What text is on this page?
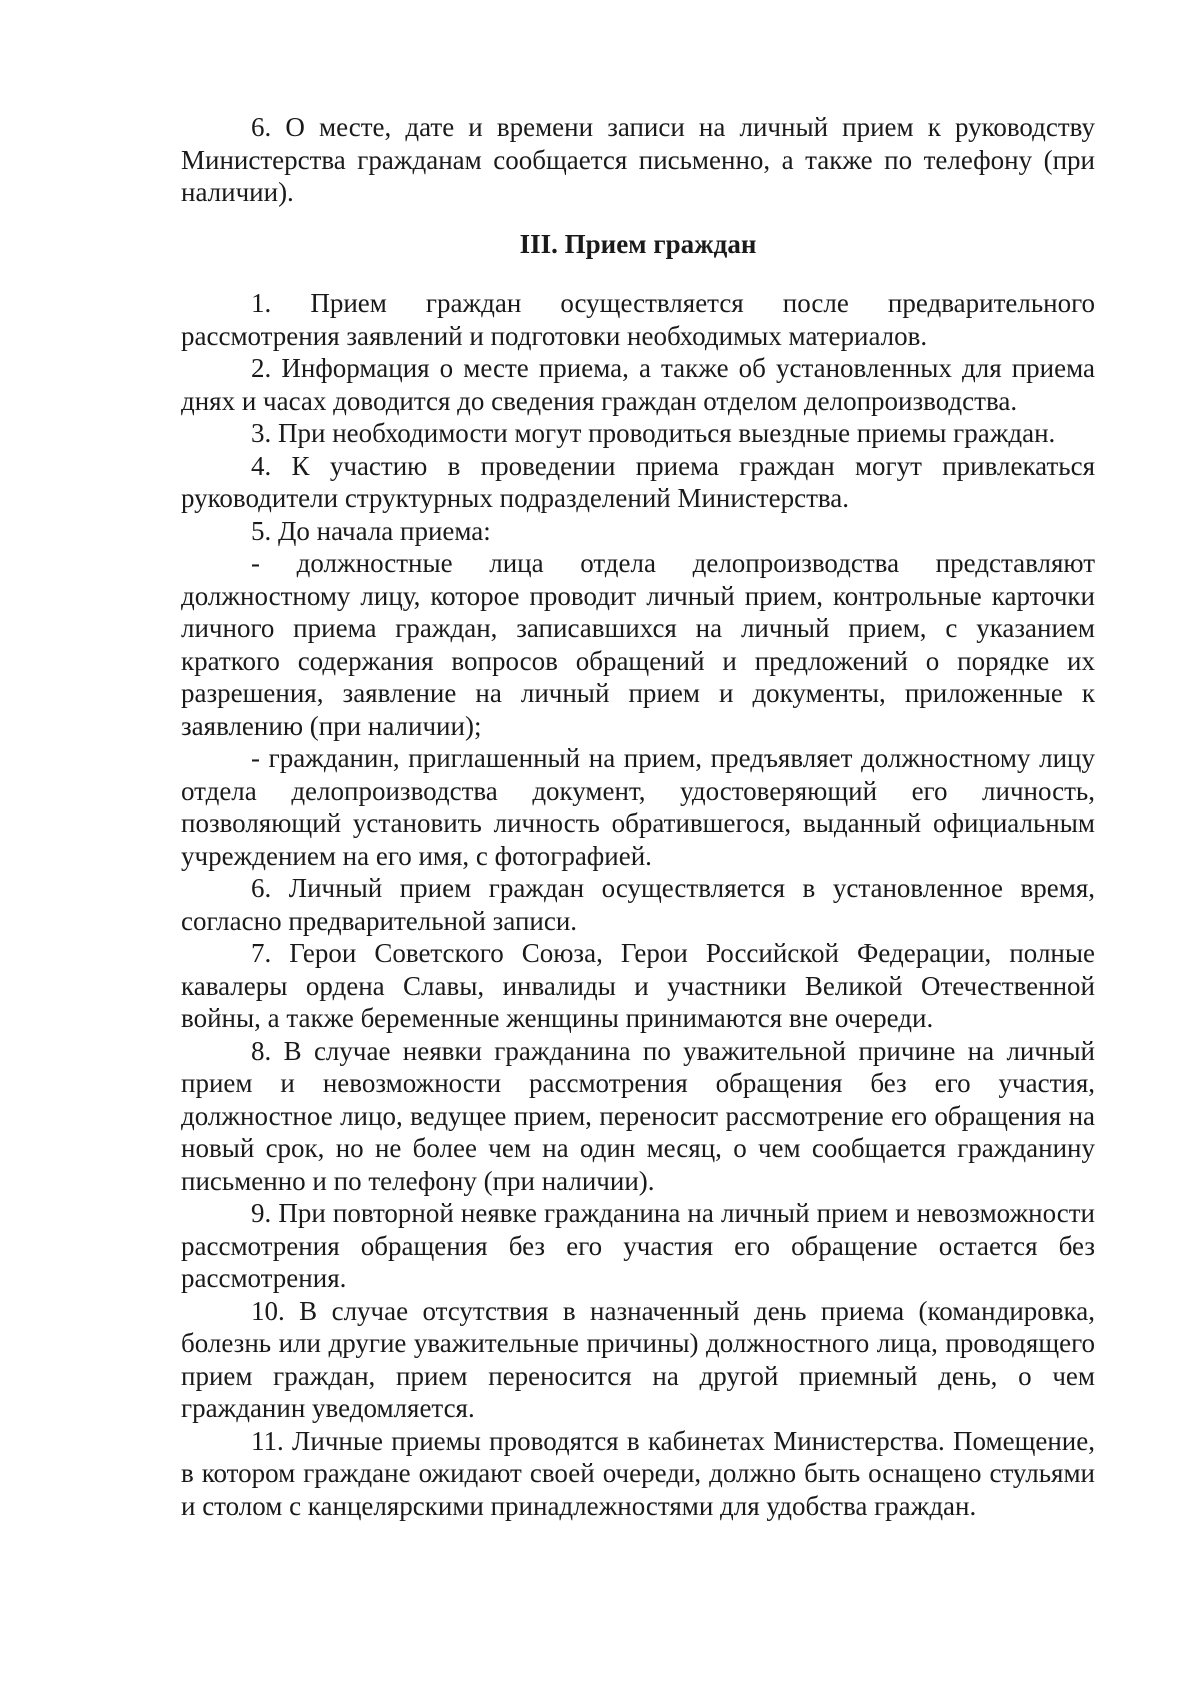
6. О месте, дате и времени записи на личный прием к руководству Министерства гражданам сообщается письменно, а также по телефону (при наличии).

III. Прием граждан

1. Прием граждан осуществляется после предварительного рассмотрения заявлений и подготовки необходимых материалов.

2. Информация о месте приема, а также об установленных для приема днях и часах доводится до сведения граждан отделом делопроизводства.

3. При необходимости могут проводиться выездные приемы граждан.

4. К участию в проведении приема граждан могут привлекаться руководители структурных подразделений Министерства.

5. До начала приема:

- должностные лица отдела делопроизводства представляют должностному лицу, которое проводит личный прием, контрольные карточки личного приема граждан, записавшихся на личный прием, с указанием краткого содержания вопросов обращений и предложений о порядке их разрешения, заявление на личный прием и документы, приложенные к заявлению (при наличии);

- гражданин, приглашенный на прием, предъявляет должностному лицу отдела делопроизводства документ, удостоверяющий его личность, позволяющий установить личность обратившегося, выданный официальным учреждением на его имя, с фотографией.

6. Личный прием граждан осуществляется в установленное время, согласно предварительной записи.

7. Герои Советского Союза, Герои Российской Федерации, полные кавалеры ордена Славы, инвалиды и участники Великой Отечественной войны, а также беременные женщины принимаются вне очереди.

8. В случае неявки гражданина по уважительной причине на личный прием и невозможности рассмотрения обращения без его участия, должностное лицо, ведущее прием, переносит рассмотрение его обращения на новый срок, но не более чем на один месяц, о чем сообщается гражданину письменно и по телефону (при наличии).

9. При повторной неявке гражданина на личный прием и невозможности рассмотрения обращения без его участия его обращение остается без рассмотрения.

10. В случае отсутствия в назначенный день приема (командировка, болезнь или другие уважительные причины) должностного лица, проводящего прием граждан, прием переносится на другой приемный день, о чем гражданин уведомляется.

11. Личные приемы проводятся в кабинетах Министерства. Помещение, в котором граждане ожидают своей очереди, должно быть оснащено стульями и столом с канцелярскими принадлежностями для удобства граждан.
